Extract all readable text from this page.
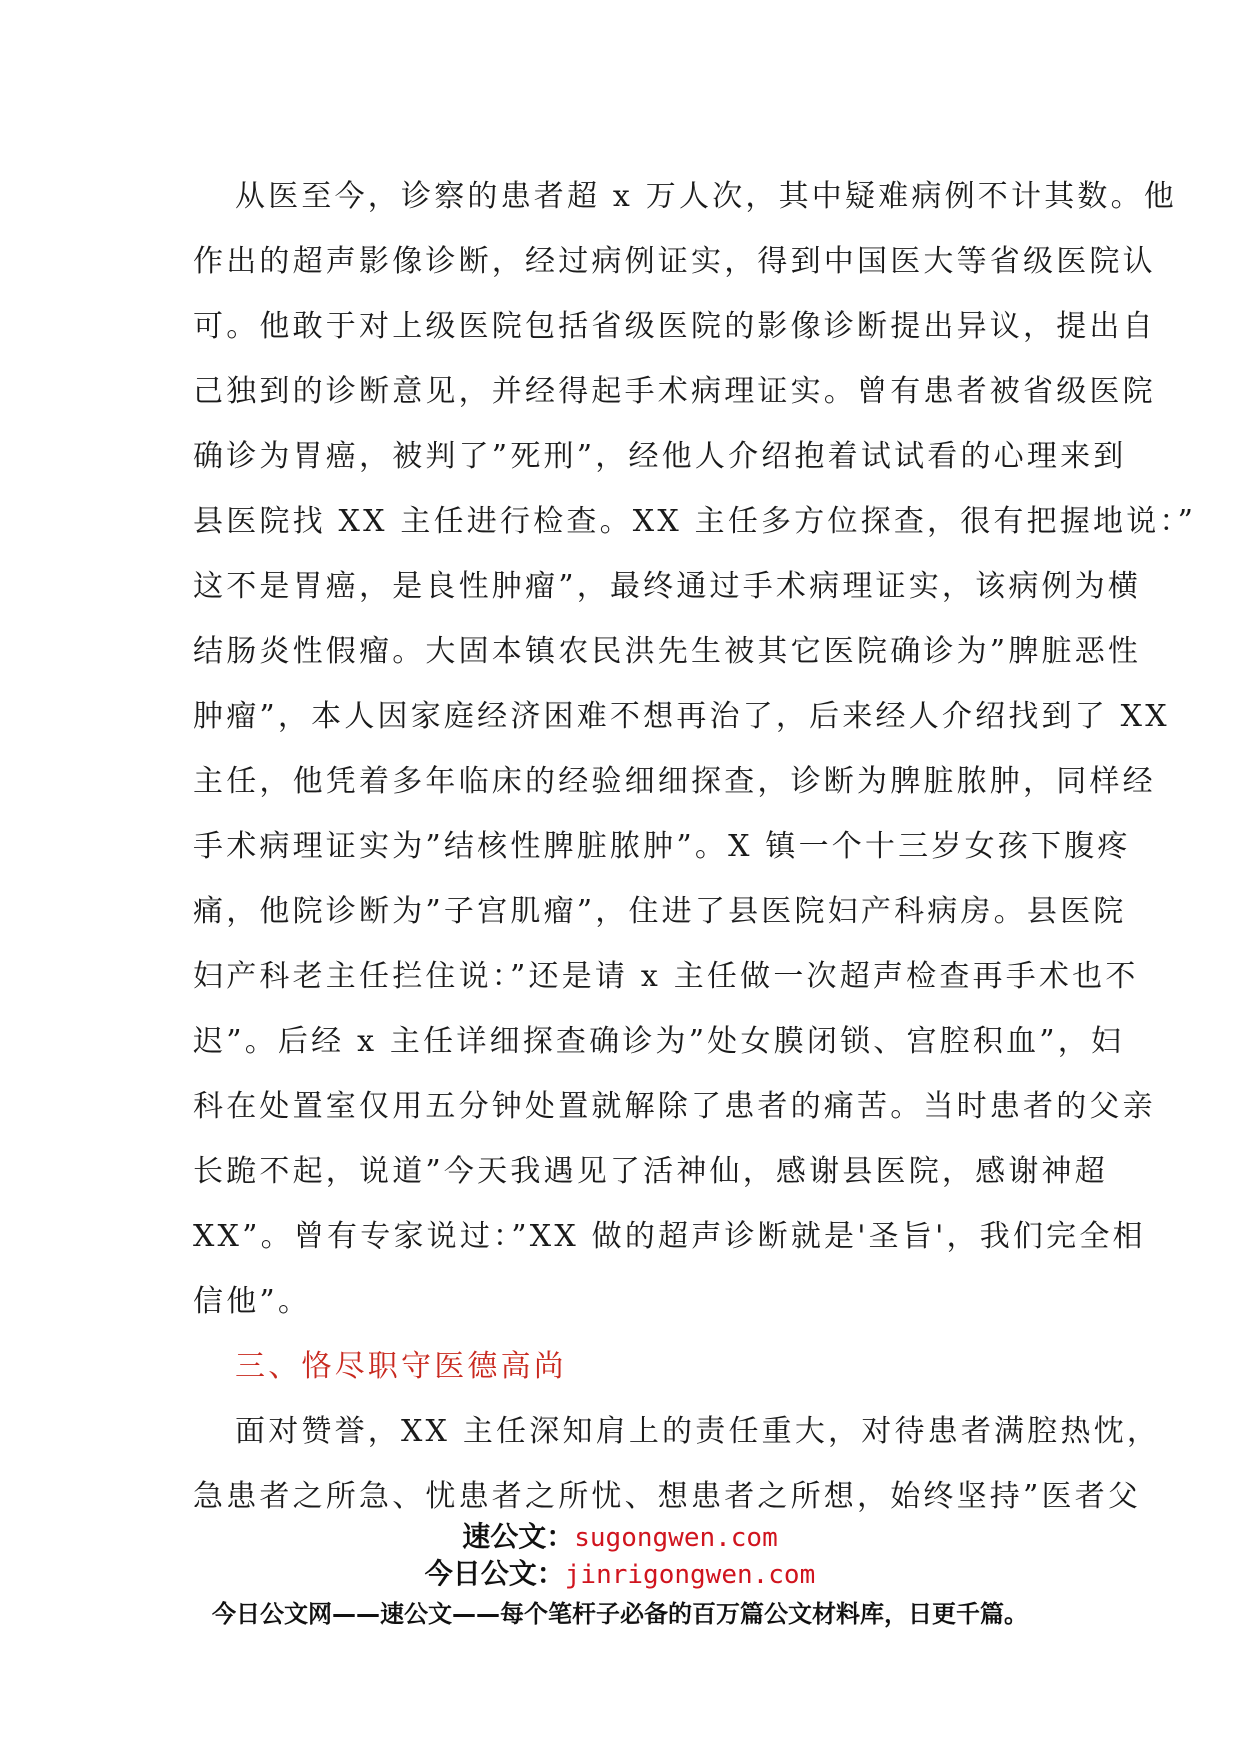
从医至今，诊察的患者超 x 万人次，其中疑难病例不计其数。他
作出的超声影像诊断，经过病例证实，得到中国医大等省级医院认
可。他敢于对上级医院包括省级医院的影像诊断提出异议，提出自
己独到的诊断意见，并经得起手术病理证实。曾有患者被省级医院
确诊为胃癌，被判了”死刑”，经他人介绍抱着试试看的心理来到
县医院找 XX 主任进行检查。XX 主任多方位探查，很有把握地说：”
这不是胃癌，是良性肿瘤”，最终通过手术病理证实，该病例为横
结肠炎性假瘤。大固本镇农民洪先生被其它医院确诊为”脾脏恶性
肿瘤”，本人因家庭经济困难不想再治了，后来经人介绍找到了 XX
主任，他凭着多年临床的经验细细探查，诊断为脾脏脓肿，同样经
手术病理证实为”结核性脾脏脓肿”。X 镇一个十三岁女孩下腹疼
痛，他院诊断为”子宫肌瘤”，住进了县医院妇产科病房。县医院
妇产科老主任拦住说：”还是请 x 主任做一次超声检查再手术也不
迟”。后经 x 主任详细探查确诊为”处女膜闭锁、宫腔积血”，妇
科在处置室仅用五分钟处置就解除了患者的痛苦。当时患者的父亲
长跪不起，说道”今天我遇见了活神仙，感谢县医院，感谢神超
XX”。曾有专家说过：”XX 做的超声诊断就是'圣旨'，我们完全相
信他”。
三、恪尽职守医德高尚
面对赞誉，XX 主任深知肩上的责任重大，对待患者满腔热忱，
急患者之所急、忧患者之所忧、想患者之所想，始终坚持”医者父
速公文：sugongwen.com
今日公文：jinrigongwen.com
今日公文网——速公文——每个笔杆子必备的百万篇公文材料库，日更千篇。
